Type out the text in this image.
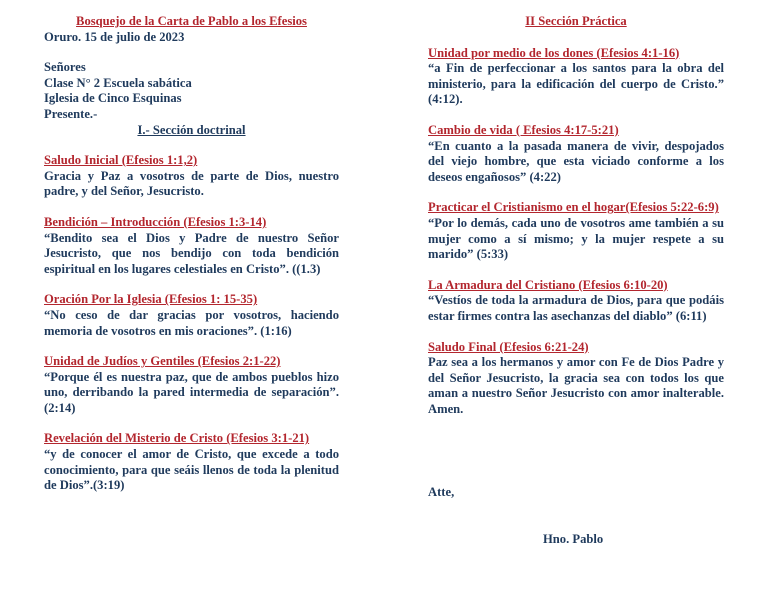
Bosquejo de la Carta de Pablo a los Efesios

Oruro. 15 de julio de 2023

Señores

Clase N° 2 Escuela sabática

Iglesia de Cinco Esquinas

Presente.-

I.- Sección doctrinal

Saludo Inicial (Efesios 1:1,2)

Gracia y Paz a vosotros de parte de Dios, nuestro padre, y del Señor, Jesucristo.

Bendición – Introducción (Efesios 1:3-14)

“Bendito sea el Dios y Padre de nuestro Señor Jesucristo, que nos bendijo con toda bendición espiritual en los lugares celestiales en Cristo”. ((1.3)

Oración Por la Iglesia (Efesios 1: 15-35)

“No ceso de dar gracias por vosotros, haciendo memoria de vosotros en mis oraciones”. (1:16)

Unidad de Judíos y Gentiles (Efesios 2:1-22)

“Porque él es nuestra paz, que de ambos pueblos hizo uno, derribando la pared intermedia de separación”.(2:14)

Revelación del Misterio de Cristo (Efesios 3:1-21)

“y de conocer el amor de Cristo, que excede a todo conocimiento, para que seáis llenos de toda la plenitud de Dios”.(3:19)

II Sección Práctica

Unidad por medio de los dones (Efesios 4:1-16)

“a Fin de perfeccionar a los santos para la obra del ministerio, para la edificación del cuerpo de Cristo.” (4:12).

Cambio de vida ( Efesios 4:17-5:21)

“En cuanto a la pasada manera de vivir, despojados del viejo hombre, que esta viciado conforme a los deseos engañosos” (4:22)

Practicar el Cristianismo en el hogar(Efesios 5:22-6:9)

“Por lo demás, cada uno de vosotros ame también a su mujer como a sí mismo; y la mujer respete a su marido” (5:33)

La Armadura del Cristiano (Efesios 6:10-20)

“Vestíos de toda la armadura de Dios, para que podáis estar firmes contra las asechanzas del diablo” (6:11)

Saludo Final (Efesios 6:21-24)

Paz sea a los hermanos y amor con Fe de Dios Padre y del Señor Jesucristo, la gracia sea con todos los que aman a nuestro Señor Jesucristo con amor inalterable. Amen.

Atte,

Hno. Pablo
